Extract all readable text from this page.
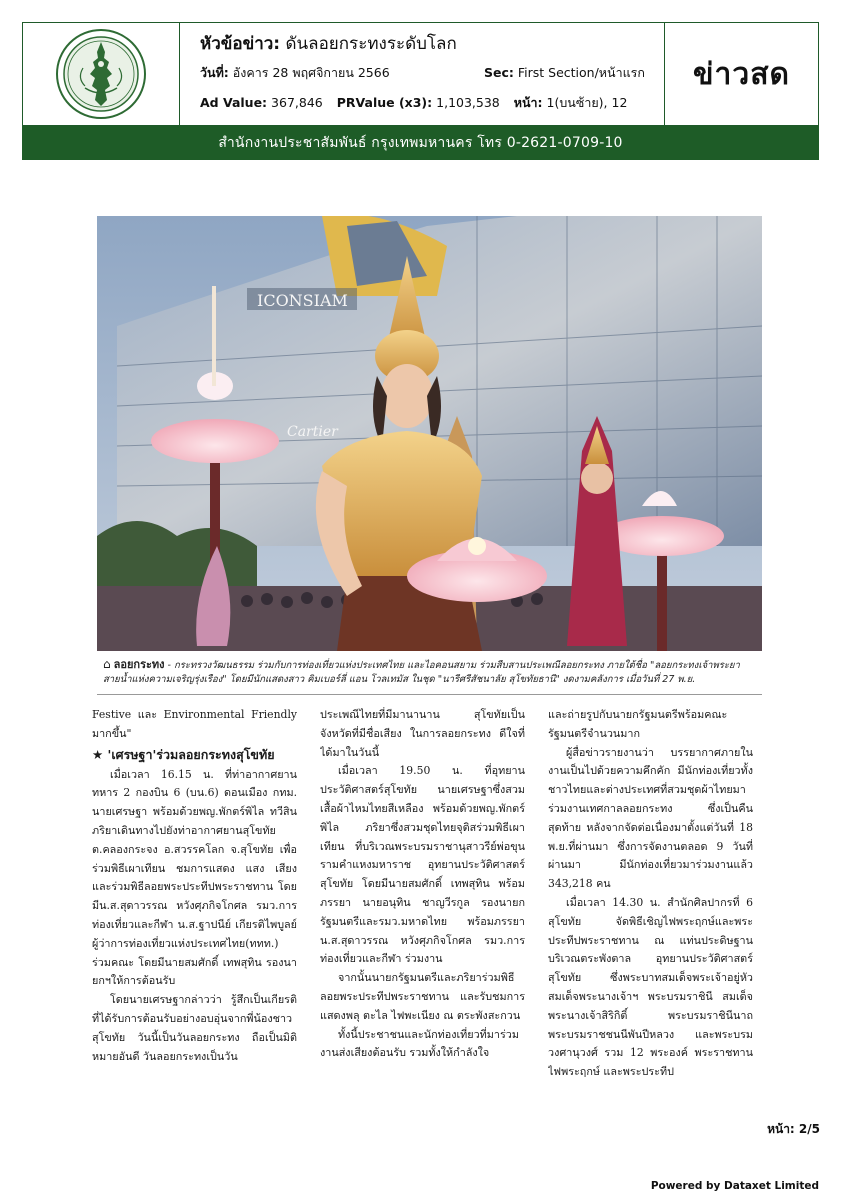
หัวข้อข่าว: ดันลอยกระทงระดับโลก
วันที่: อังคาร 28 พฤศจิกายน 2566	Sec: First Section/หน้าแรก
Ad Value: 367,846 PRValue (x3): 1,103,538 หน้า: 1(บนซ้าย), 12
ข่าวสด
สำนักงานประชาสัมพันธ์ กรุงเทพมหานคร โทร 0-2621-0709-10
ICONSIAM
Cartier
⌂ ลอยกระทง - กระทรวงวัฒนธรรม ร่วมกับการท่องเที่ยวแห่งประเทศไทย และไอคอนสยาม ร่วมสืบสานประเพณีลอยกระทง ภายใต้ชื่อ "ลอยกระทงเจ้าพระยาสายน้ำแห่งความเจริญรุ่งเรือง" โดยมีนักแสดงสาว คิมเบอร์ลี่ แอน โวลเทมัส ในชุด "นารีศรีสัชนาลัย สุโขทัยธานี" งดงามคลังการ เมื่อวันที่ 27 พ.ย.

Festive และ Environmental Friendly มากขึ้น"

★ 'เศรษฐา'ร่วมลอยกระทงสุโขทัย

เมื่อเวลา 16.15 น. ที่ท่าอากาศยานทหาร 2 กองบิน 6 (บน.6) ดอนเมือง กทม. นายเศรษฐา พร้อมด้วยพญ.พักตร์พิไล ทวีสิน ภริยาเดินทางไปยังท่าอากาศยานสุโขทัย ต.คลองกระจง อ.สวรรคโลก จ.สุโขทัย เพื่อร่วมพิธีเผาเทียน ชมการแสดง แสง เสียง และร่วมพิธีลอยพระประทีปพระราชทาน โดยมีน.ส.สุดาวรรณ หวังศุภกิจโกศล รมว.การท่องเที่ยวและกีฬา น.ส.ฐาปนีย์ เกียรติไพบูลย์ ผู้ว่าการท่องเที่ยวแห่งประเทศไทย(ททท.) ร่วมคณะ โดยมีนายสมศักดิ์ เทพสุทิน รองนายกฯให้การต้อนรับ

โดยนายเศรษฐากล่าวว่า รู้สึกเป็นเกียรติที่ได้รับการต้อนรับอย่างอบอุ่นจากพี่น้องชาวสุโขทัย วันนี้เป็นวันลอยกระทง ถือเป็นมิติหมายอันดี วันลอยกระทงเป็นวัน

ประเพณีไทยที่มีมานานาน สุโขทัยเป็นจังหวัดที่มีชื่อเสียง ในการลอยกระทง ดีใจที่ได้มาในวันนี้

เมื่อเวลา 19.50 น. ที่อุทยานประวัติศาสตร์สุโขทัย นายเศรษฐาซึ่งสวมเสื้อผ้าไหมไทยสีเหลือง พร้อมด้วยพญ.พักตร์พิไล ภริยาซึ่งสวมชุดไทยจุติสร่วมพิธีเผาเทียน ที่บริเวณพระบรมราชานุสาวรีย์พ่อขุนรามคำแหงมหาราช อุทยานประวัติศาสตร์สุโขทัย โดยมีนายสมศักดิ์ เทพสุทิน พร้อมภรรยา นายอนุทิน ชาญวีรกูล รองนายกรัฐมนตรีและรมว.มหาดไทย พร้อมภรรยา น.ส.สุดาวรรณ หวังศุภกิจโกศล รมว.การท่องเที่ยวและกีฬา ร่วมงาน

จากนั้นนายกรัฐมนตรีและภริยาร่วมพิธีลอยพระประทีปพระราชทาน และรับชมการแสดงพลุ ตะไล ไฟพะเนียง ณ ตระพังสะกวน

ทั้งนี้ประชาชนและนักท่องเที่ยวที่มาร่วมงานส่งเสียงต้อนรับ รวมทั้งให้กำลังใจ

และถ่ายรูปกับนายกรัฐมนตรีพร้อมคณะรัฐมนตรีจำนวนมาก

ผู้สื่อข่าวรายงานว่า บรรยากาศภายในงานเป็นไปด้วยความคึกคัก มีนักท่องเที่ยวทั้งชาวไทยและต่างประเทศที่สวมชุดผ้าไทยมาร่วมงานเทศกาลลอยกระทง ซึ่งเป็นคืนสุดท้าย หลังจากจัดต่อเนื่องมาตั้งแต่วันที่ 18 พ.ย.ที่ผ่านมา ซึ่งการจัดงานตลอด 9 วันที่ผ่านมา มีนักท่องเที่ยวมาร่วมงานแล้ว 343,218 คน

เมื่อเวลา 14.30 น. สำนักศิลปากรที่ 6 สุโขทัย จัดพิธีเชิญไฟพระฤกษ์และพระประทีปพระราชทาน ณ แท่นประดิษฐานบริเวณตระพังตาล อุทยานประวัติศาสตร์สุโขทัย ซึ่งพระบาทสมเด็จพระเจ้าอยู่หัว สมเด็จพระนางเจ้าฯ พระบรมราชินี สมเด็จพระนางเจ้าสิริกิติ์ พระบรมราชินีนาถ พระบรมราชชนนีพันปีหลวง และพระบรมวงศานุวงศ์ รวม 12 พระองค์ พระราชทานไฟพระฤกษ์ และพระประทีป

หน้า: 2/5
Powered by Dataxet Limited
